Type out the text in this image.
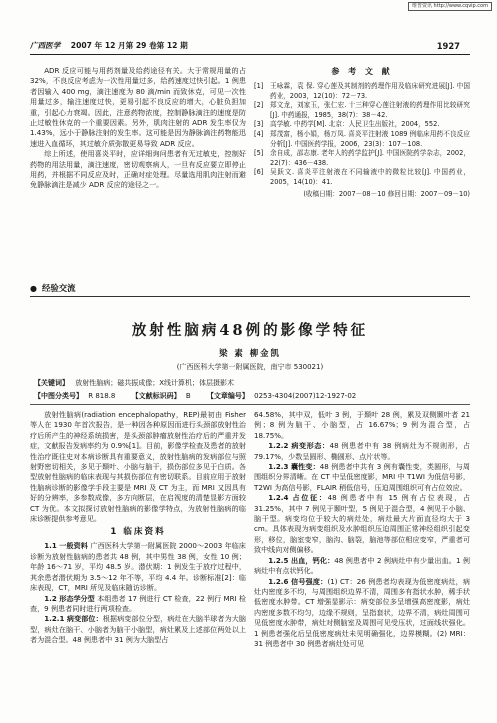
维普资讯 http://www.cqvip.com
广西医学 2007 年 12 月第 29 卷第 12 期	1927

ADR 反应可能与用药剂量及给药途径有关。大于常规用量的占 32%，不良反应考虑为一次性用量过多，给药速度过快引起。1 例患者因输入 400 mg，滴注速度为 80 滴/min 而致休克，可见一次性用量过多，输注速度过快，更易引起不良反应的增大，心脏负担加重，引起心力衰竭。因此，注意药物浓度，控制静脉滴注的速度是防止过敏性休克的一个重要因素。另外，肌肉注射的 ADR 发生率仅为 1.43%，远小于静脉注射的发生率。这可能是因为静脉滴注药物能迅速进入血循环，其过敏介质弥散更易导致 ADR 反应。

综上所述，使用喜炎平时，应详细询问患者有无过敏史，控制好药物的用法用量，滴注速度，密切观察病人，一旦有反应要立即停止用药，并根据不同反应及时，正确对症处理。尽量选用肌肉注射而避免静脉滴注是减少 ADR 反应的途径之一。

参 考 文 献
[1]	王咏霖，袁 保. 穿心莲及其制剂的药理作用及临床研究进展[J]. 中国药业，2003，12(10)：72－73.
[2]	郑文龙，刘家玉，张仁宏. 十三种穿心莲注射液的药理作用比较研究[J]. 中药通报，1985，38(7)：38－42.
[3]	高学敏. 中药学[M]. 北京：人民卫生出版社，2004，552.
[4]	郑茂富，杨小娟，杨万凤. 喜炎平注射液 1089 例临床用药不良反应分析[J]. 中国医药学报，2006，23(3)：107－108.
[5]	余自成，邵志康. 老年人的药学监护[J]. 中国医院药学杂志，2002，22(7)：436－438.
[6]	吴跃文. 喜炎平注射液在不同输液中的微粒比较[J]. 中国药业，2005，14(10)：41.
(收稿日期：2007－08－10 修回日期：2007－09－10)
● 经验交流
放射性脑病48例的影像学特征
梁 素 柳金凯
(广西医科大学第一附属医院，南宁市 530021)
【关键词】 放射性脑病；磁共振成像；X线计算机；体层摄影术
【中图分类号】 R 818.8 【文献标识码】 B 【文章编号】 0253-4304(2007)12-1927-02

放射性脑病(radiation encephalopathy，REP)最初由 Fisher 等人在 1930 年首次报告，是一种因各种原因而进行头颈部放射性治疗后所产生的神经系统损害，是头颈部肿瘤放射性治疗后的严重并发症，文献报告发病率约为 0.9%[1]。目前，影像学检查及患者的放射性治疗既往史对本病诊断具有重要意义，放射性脑病的发病部位与照射野密切相关，多见于颞叶、小脑与脑干，损伤部位多见于白质。各型放射性脑病的临床表现与其损伤部位有密切联系。目前应用于放射性脑病诊断的影像学手段主要是 MRI 及 CT 为主，而 MRI 又因具有好的分辨率，多参数成像，多方向断层，在启视度的清楚显影方面较 CT 为优。本文拟探讨放射性脑病的影像学特点，为放射性脑病的临床诊断提供参考意见。

1 临床资料

1.1 一般资料 广西医科大学第一附属医院 2000～2003 年临床诊断为放射性脑病的患者共 48 例，其中男性 38 例，女性 10 例；年龄 16～71 岁，平均 48.5 岁。潜伏期：1 例发生于放疗过程中，其余患者潜伏期为 3.5～12 年不等，平均 4.4 年。诊断标准[2]：临床表现，CT，MRI 所见及临床随访诊断。

1.2 形态学分型 本组患者 17 例进行 CT 检查，22 例行 MRI 检查，9 例患者同时进行两项检查。

1.2.1 病变部位：根据病变部位分型，病灶在大脑半球者为大脑型，病灶在脑干、小脑者为脑干小脑型，病灶累及上述部位两处以上者为混合型。48 例患者中 31 例为大脑型占

64.58%，其中双，低叶 3 例，于颞叶 28 例，累及双侧颞叶者 21 例；8 例为脑干、小脑型，占 16.67%；9 例为混合型，占 18.75%。

1.2.2 病变形态：48 例患者中有 38 例病灶为不规则形，占 79.17%，少数呈圆形、椭圆形、点片状等。

1.2.3 囊性变：48 例患者中共有 3 例有囊性变，类圆形，与周围组织分界清晰。在 CT 中呈低密度影，MRI 中 T1WI 为低信号影，T2WI 为高信号影，FLAIR 稍低信号，压迫周围组织可有占位效应。

1.2.4 占位征：48 例患者中有 15 例有占位表现，占 31.25%，其中 7 例见于颞叶型，5 例见于混合型，4 例见于小脑、脑干型。病变均位于较大的病灶处，病灶最大片面直径均大于 3 cm。具体表现为病变组织及水肿组织压迫周围正常神经组织引起变形，移位，脑室变窄，脑沟、脑裂，脑池等部位相应变窄，严重者可致中线向对侧偏移。

1.2.5 出血，钙化：48 例患者中 2 例病灶中有少量出血。1 例病灶中有点状钙化。

1.2.6 信号强度：(1) CT：26 例患者均表现为低密度病灶，病灶内密度多不均，与周围组织边界不清，周围多有指状水肿，稀手状低密度水肿带。CT 增强显影示：病变部位多呈增强高密度影，病灶内密度多数不均匀，边缘不规则，呈指套状，边界不清，病灶周围可见低密度水肿带，病灶对侧脑室及周围可见受压状，过面线状强化。1 例患者强化后呈低密度病灶未见明确强化，边界模糊。(2) MRI：31 例患者中 30 例患者病灶处可见
